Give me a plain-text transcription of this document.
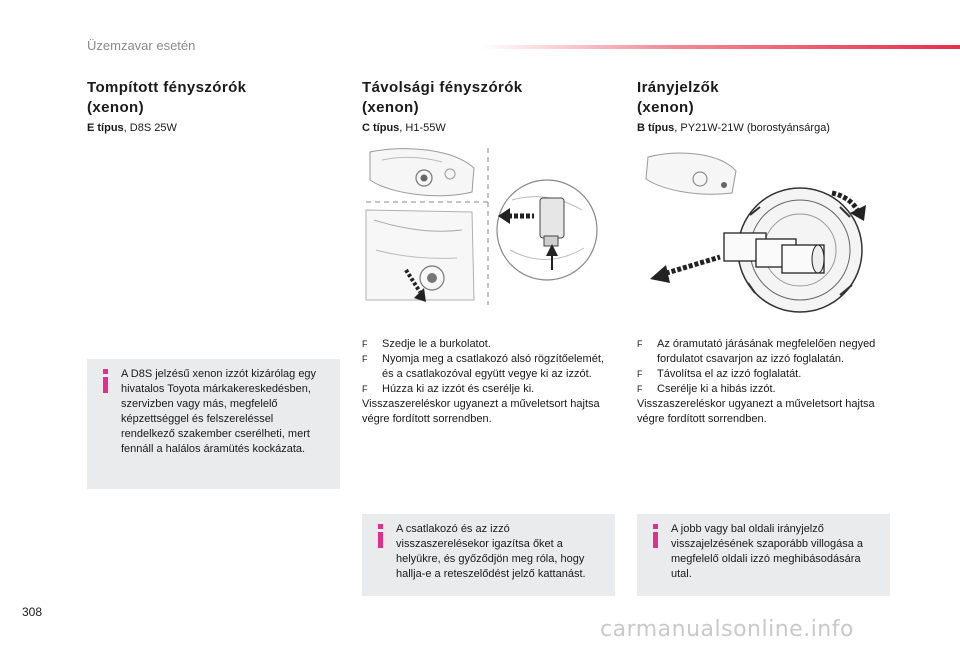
Üzemzavar esetén
Tompított fényszórók
(xenon)
E típus, D8S 25W
A D8S jelzésű xenon izzót kizárólag egy hivatalos Toyota márkakereskedésben, szervizben vagy más, megfelelő képzettséggel és felszereléssel rendelkező szakember cserélheti, mert fennáll a halálos áramütés kockázata.
Távolsági fényszórók
(xenon)
C típus, H1-55W
F Szedje le a burkolatot.
F Nyomja meg a csatlakozó alsó rögzítőelemét, és a csatlakozóval együtt vegye ki az izzót.
F Húzza ki az izzót és cserélje ki.
Visszaszereléskor ugyanezt a műveletsort hajtsa végre fordított sorrendben.
A csatlakozó és az izzó visszaszerelésekor igazítsa őket a helyükre, és győződjön meg róla, hogy hallja-e a reteszelődést jelző kattanást.
Irányjelzők
(xenon)
B típus, PY21W-21W (borostyánsárga)
F Az óramutató járásának megfelelően negyed fordulatot csavarjon az izzó foglalatán.
F Távolítsa el az izzó foglalatát.
F Cserélje ki a hibás izzót.
Visszaszereléskor ugyanezt a műveletsort hajtsa végre fordított sorrendben.
A jobb vagy bal oldali irányjelző visszajelzésének szaporább villogása a megfelelő oldali izzó meghibásodására utal.
308
carmanualsonline.info
